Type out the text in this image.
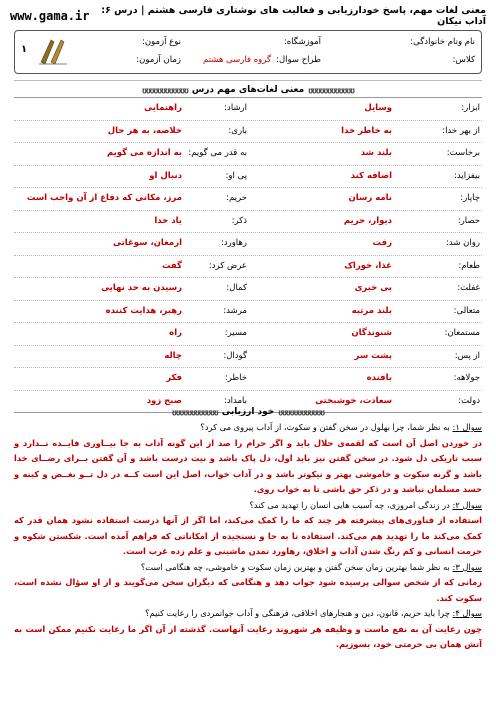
معنی لغات مهم، پاسخ خودارزیابی و فعالیت های نوشتاری فارسی هشتم | درس ۶: آداب نیکان
www.gama.ir
نام ونام خانوادگی:
آموزشگاه:
نوع آزمون:
کلاس:
طراح سوال:
گروه فارسی هشتم
زمان آزمون:
۱
ʊʊʊʊʊʊʊʊʊʊʊʊ
معنی لغات‌های مهم درس
ʊʊʊʊʊʊʊʊʊʊʊʊ
ابزار:
وسایل
ارشاد:
راهنمایی
از بهر خدا:
به خاطر خدا
باری:
خلاصه، به هر حال
برخاست:
بلند شد
به قدر می گویم:
به اندازه می گویم
بیفزاید:
اضافه کند
پی او:
دنبال او
چاپار:
نامه رسان
حریم:
مرز، مکانی که دفاع از آن واجب است
حصار:
دیوار، حریم
ذکر:
یاد خدا
روان شد:
رفت
رهاورد:
ارمغان، سوغاتی
طعام:
غذا، خوراک
عرض کرد:
گفت
غفلت:
بی خبری
کمال:
رسیدن به حد نهایی
متعالی:
بلند مرتبه
مرشد:
رهبر، هدایت کننده
مستمعان:
شنوندگان
مسیر:
راه
از پس:
پشت سر
گودال:
چاله
جولاهه:
بافنده
خاطر:
فکر
دولت:
سعادت، خوشبختی
بامداد:
صبح زود
ʊʊʊʊʊʊʊʊʊʊʊʊ
خود ارزیابی
ʊʊʊʊʊʊʊʊʊʊʊʊ
سوال ۱: به نظر شما، چرا بهلول در سخن گفتن و سکوت، از آداب پیروی می کرد؟
در خوردن اصل آن است که لقمه‌ی حلال باید و اگر حرام را صد از این گونه آداب به جا بیــاوری فایــده نــدارد و سبب تاریکی دل شود. در سخن گفتن نیز باید اول، دل پاک باشد و نیت درست باشد و آن گفتن بــرای رضــای خدا باشد و گرنه سکوت و خاموشی بهتر و نیکوتر باشد و در آداب خواب، اصل این است کــه در دل تــو بغــض و کینه و حسد مسلمان نباشد و در ذکر حق باشی تا به خواب روی.
سوال ۲: در زندگی امروزی، چه آسیب هایی انسان را تهدید می کند؟
استفاده از فناوری‌های پیشرفته هر چند که ما را کمک می‌کند، اما اگر از آنها درست استفاده نشود همان قدر که کمک می‌کند ما را تهدید هم می‌کند. استفاده نا به جا و نسنجیده از امکاناتی که فراهم آمده است. شکستن شکوه و حرمت انسانی و کم رنگ شدن آداب و اخلاق، رهاورد تمدن ماشینی و علم زده غرب است.
سوال ۳: به نظر شما بهترین زمان سخن گفتن و بهترین زمان سکوت و خاموشی، چه هنگامی است؟
زمانی که از شخص سوالی پرسیده شود جواب دهد و هنگامی که دیگران سخن می‌گویند و از او سؤال نشده است، سکوت کند.
سوال ۴: چرا باید حریم، قانون، دین و هنجارهای اخلاقی، فرهنگی و آداب جوانمردی را رعایت کنیم؟
چون رعایت آن به نفع ماست و وظیفه هر شهروند رعایت آنهاست. گذشته از آن اگر ما رعایت نکنیم ممکن است به آتش همان بی حرمتی خود، بسوزیم.
